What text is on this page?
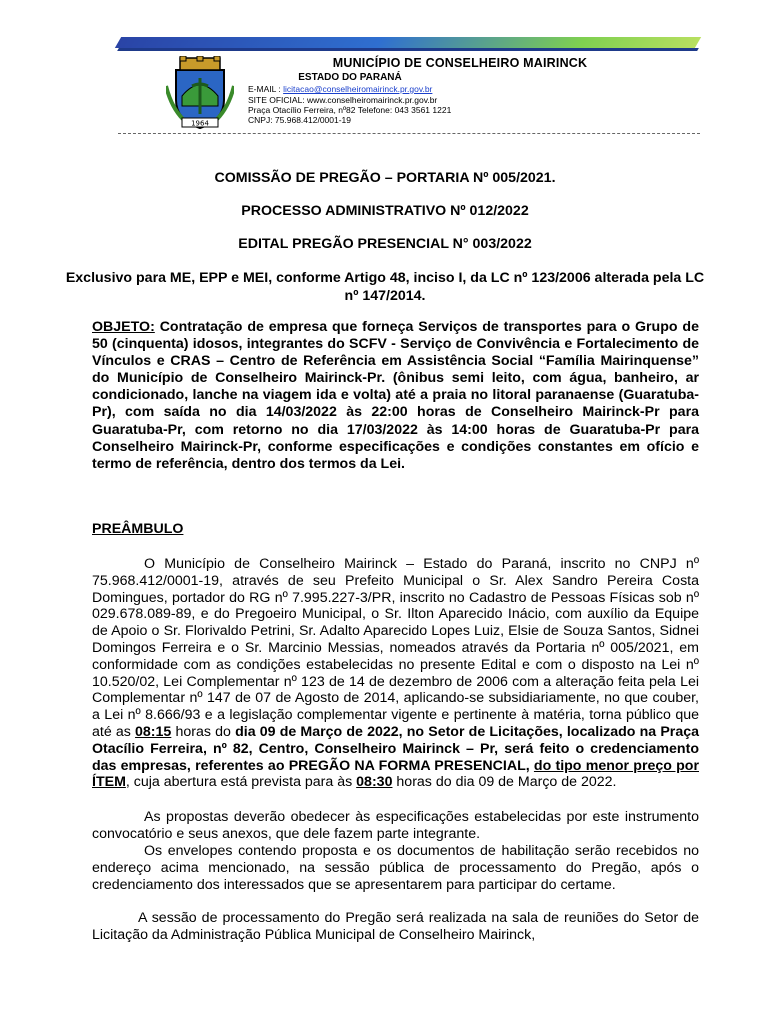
1964
MUNICÍPIO DE CONSELHEIRO MAIRINCK
ESTADO DO PARANÁ
E-MAIL : licitacao@conselheiromairinck.pr.gov.br
SITE OFICIAL: www.conselheiromairinck.pr.gov.br
Praça Otacílio Ferreira, nº82 Telefone: 043 3561 1221
CNPJ: 75.968.412/0001-19
COMISSÃO DE PREGÃO – PORTARIA Nº 005/2021.
PROCESSO ADMINISTRATIVO Nº 012/2022
EDITAL PREGÃO PRESENCIAL N° 003/2022
Exclusivo para ME, EPP e MEI, conforme Artigo 48, inciso I, da LC nº 123/2006 alterada pela LC nº 147/2014.
OBJETO: Contratação de empresa que forneça Serviços de transportes para o Grupo de 50 (cinquenta) idosos, integrantes do SCFV - Serviço de Convivência e Fortalecimento de Vínculos e CRAS – Centro de Referência em Assistência Social “Família Mairinquense” do Município de Conselheiro Mairinck-Pr. (ônibus semi leito, com água, banheiro, ar condicionado, lanche na viagem ida e volta) até a praia no litoral paranaense (Guaratuba-Pr), com saída no dia 14/03/2022 às 22:00 horas de Conselheiro Mairinck-Pr para Guaratuba-Pr, com retorno no dia 17/03/2022 às 14:00 horas de Guaratuba-Pr para Conselheiro Mairinck-Pr, conforme especificações e condições constantes em ofício e termo de referência, dentro dos termos da Lei.
PREÂMBULO
O Município de Conselheiro Mairinck – Estado do Paraná, inscrito no CNPJ nº 75.968.412/0001-19, através de seu Prefeito Municipal o Sr. Alex Sandro Pereira Costa Domingues, portador do RG nº 7.995.227-3/PR, inscrito no Cadastro de Pessoas Físicas sob nº 029.678.089-89, e do Pregoeiro Municipal, o Sr. Ilton Aparecido Inácio, com auxílio da Equipe de Apoio o Sr. Florivaldo Petrini, Sr. Adalto Aparecido Lopes Luiz, Elsie de Souza Santos, Sidnei Domingos Ferreira e o Sr. Marcinio Messias, nomeados através da Portaria nº 005/2021, em conformidade com as condições estabelecidas no presente Edital e com o disposto na Lei nº 10.520/02, Lei Complementar nº 123 de 14 de dezembro de 2006 com a alteração feita pela Lei Complementar nº 147 de 07 de Agosto de 2014, aplicando-se subsidiariamente, no que couber, a Lei nº 8.666/93 e a legislação complementar vigente e pertinente à matéria, torna público que até as 08:15 horas do dia 09 de Março de 2022, no Setor de Licitações, localizado na Praça Otacílio Ferreira, nº 82, Centro, Conselheiro Mairinck – Pr, será feito o credenciamento das empresas, referentes ao PREGÃO NA FORMA PRESENCIAL, do tipo menor preço por ÍTEM, cuja abertura está prevista para às 08:30 horas do dia 09 de Março de 2022.
As propostas deverão obedecer às especificações estabelecidas por este instrumento convocatório e seus anexos, que dele fazem parte integrante.
Os envelopes contendo proposta e os documentos de habilitação serão recebidos no endereço acima mencionado, na sessão pública de processamento do Pregão, após o credenciamento dos interessados que se apresentarem para participar do certame.
A sessão de processamento do Pregão será realizada na sala de reuniões do Setor de Licitação da Administração Pública Municipal de Conselheiro Mairinck,
